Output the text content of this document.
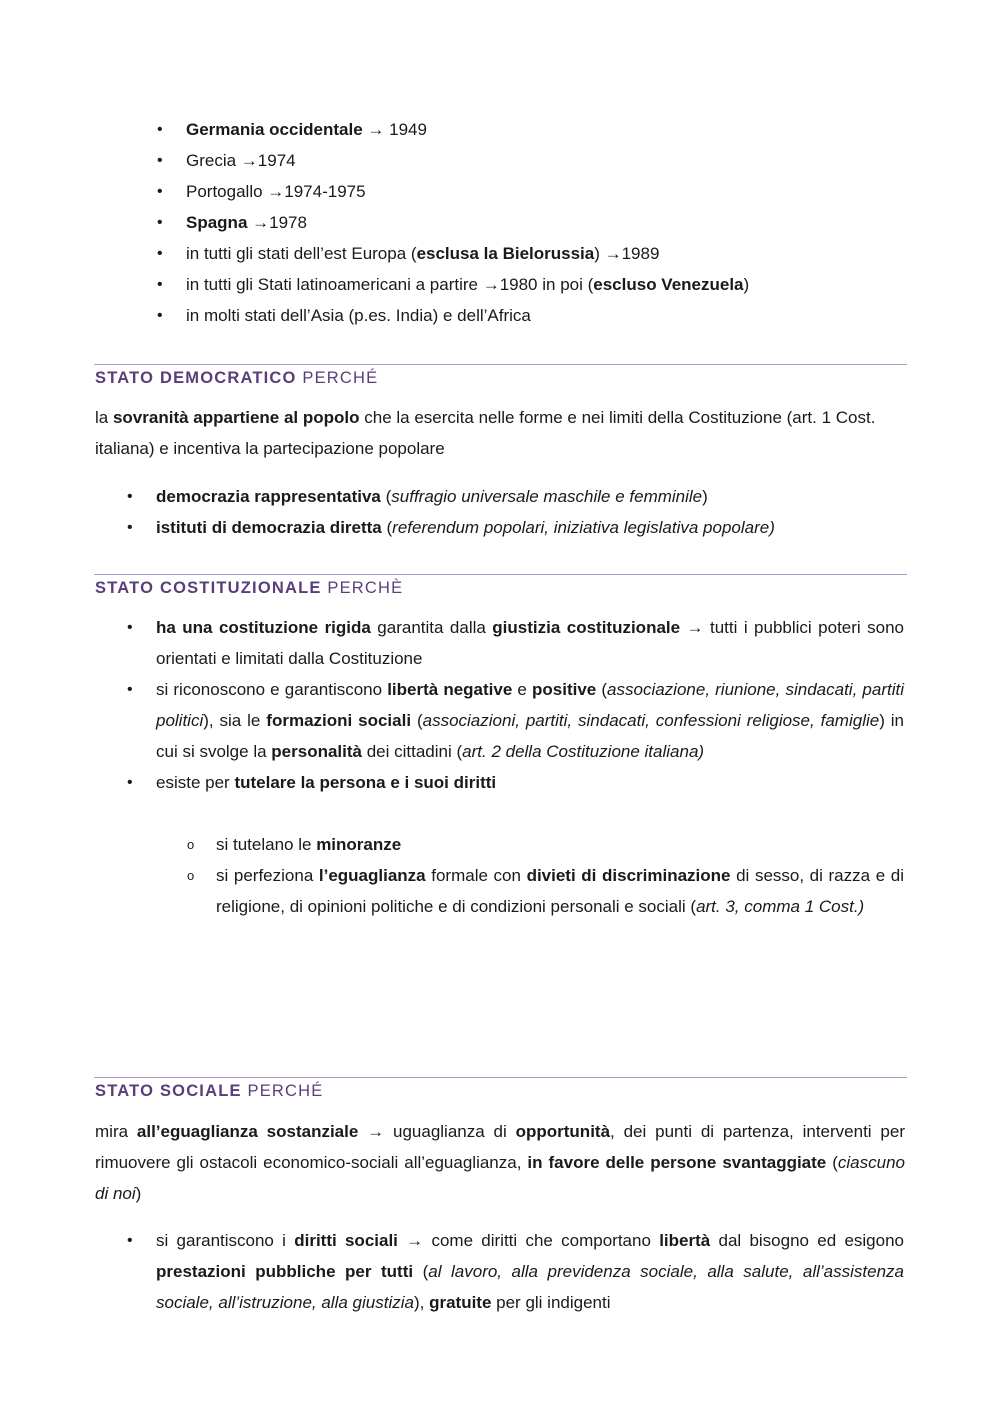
• Germania occidentale → 1949
• Grecia →1974
• Portogallo →1974-1975
• Spagna →1978
• in tutti gli stati dell’est Europa (esclusa la Bielorussia) →1989
• in tutti gli Stati latinoamericani a partire →1980 in poi (escluso Venezuela)
• in molti stati dell’Asia (p.es. India) e dell’Africa
STATO DEMOCRATICO PERCHÉ

la sovranità appartiene al popolo che la esercita nelle forme e nei limiti della Costituzione (art. 1 Cost. italiana) e incentiva la partecipazione popolare

• democrazia rappresentativa (suffragio universale maschile e femminile)
• istituti di democrazia diretta (referendum popolari, iniziativa legislativa popolare)
STATO COSTITUZIONALE PERCHÈ
• ha una costituzione rigida garantita dalla giustizia costituzionale → tutti i pubblici poteri sono orientati e limitati dalla Costituzione
• si riconoscono e garantiscono libertà negative e positive (associazione, riunione, sindacati, partiti politici), sia le formazioni sociali (associazioni, partiti, sindacati, confessioni religiose, famiglie) in cui si svolge la personalità dei cittadini (art. 2 della Costituzione italiana)
• esiste per tutelare la persona e i suoi diritti
o si tutelano le minoranze
o si perfeziona l’eguaglianza formale con divieti di discriminazione di sesso, di razza e di religione, di opinioni politiche e di condizioni personali e sociali (art. 3, comma 1 Cost.)
STATO SOCIALE PERCHÉ

mira all’eguaglianza sostanziale → uguaglianza di opportunità, dei punti di partenza, interventi per rimuovere gli ostacoli economico-sociali all’eguaglianza, in favore delle persone svantaggiate (ciascuno di noi)

• si garantiscono i diritti sociali → come diritti che comportano libertà dal bisogno ed esigono prestazioni pubbliche per tutti (al lavoro, alla previdenza sociale, alla salute, all’assistenza sociale, all’istruzione, alla giustizia), gratuite per gli indigenti
